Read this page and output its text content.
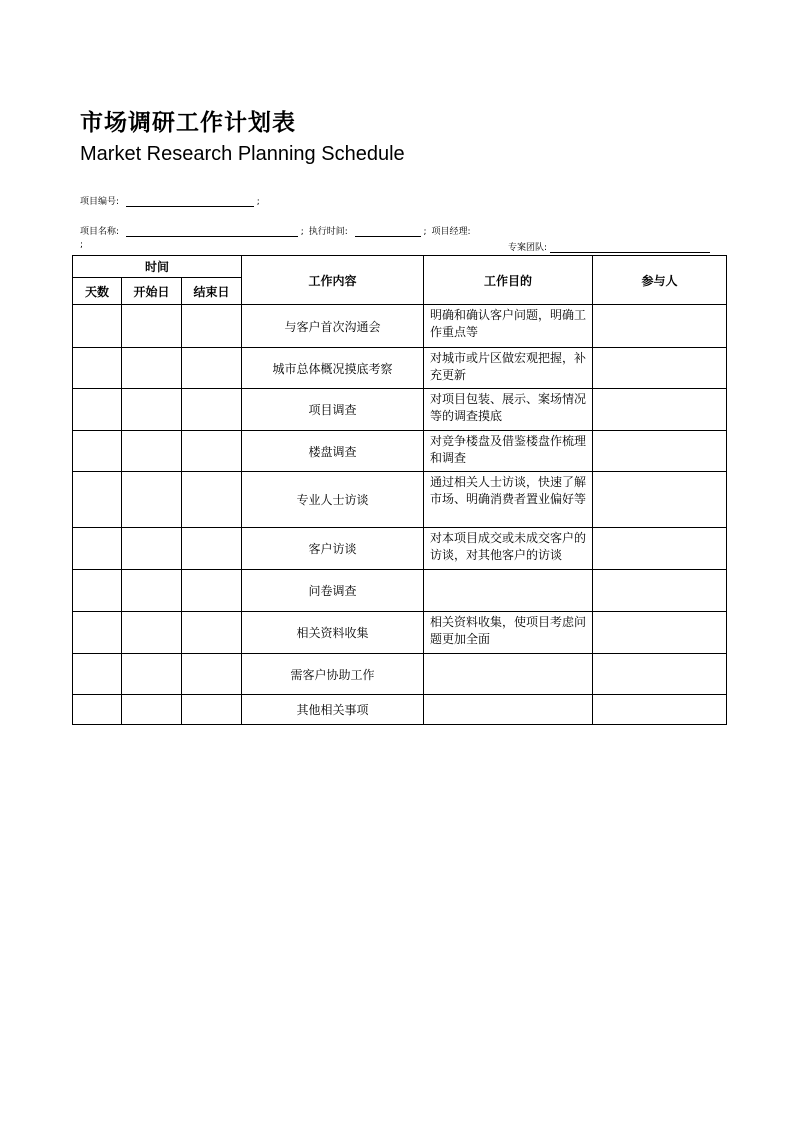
市场调研工作计划表
Market Research Planning Schedule
项目编号:	;
项目名称:	; 执行时间:	; 项目经理:
;	专案团队:
时间			工作内容	工作目的	参与人
天数	开始日	结束日			
			与客户首次沟通会	明确和确认客户问题，明确工作重点等	
			城市总体概况摸底考察	对城市或片区做宏观把握，补充更新	
			项目调查	对项目包装、展示、案场情况等的调查摸底	
			楼盘调查	对竞争楼盘及借鉴楼盘作梳理和调查	
			专业人士访谈	通过相关人士访谈，快速了解市场、明确消费者置业偏好等	
			客户访谈	对本项目成交或未成交客户的访谈，对其他客户的访谈	
			问卷调查		
			相关资料收集	相关资料收集，使项目考虑问题更加全面	
			需客户协助工作		
			其他相关事项		
